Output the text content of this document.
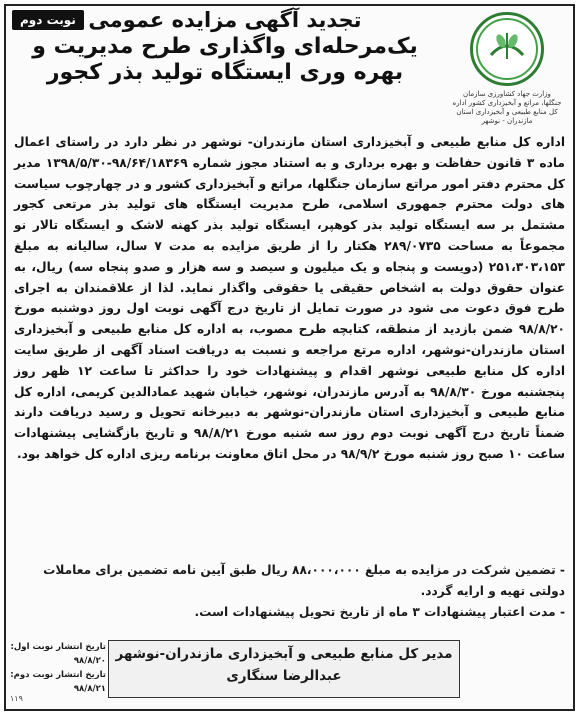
نوبت دوم تجدید آگهی مزایده عمومی
یک‌مرحله‌ای واگذاری طرح مدیریت و
بهره وری ایستگاه تولید بذر کجور
وزارت جهاد کشاورزی سازمان جنگلها، مراتع و آبخیزداری کشور اداره کل منابع طبیعی و آبخیزداری استان مازندران - نوشهر
اداره کل منابع طبیعی و آبخیزداری استان مازندران- نوشهر در نظر دارد در راستای اعمال ماده ۳ قانون حفاظت و بهره برداری و به استناد مجوز شماره ۹۸/۶۴/۱۸۳۶۹-۱۳۹۸/۵/۳۰ مدیر کل محترم دفتر امور مراتع سازمان جنگلها، مراتع و آبخیزداری کشور و در چهارچوب سیاست های دولت محترم جمهوری اسلامی، طرح مدیریت ایستگاه های تولید بذر مرتعی کجور مشتمل بر سه ایستگاه تولید بذر کوهپر، ایستگاه تولید بذر کهنه لاشک و ایستگاه تالار نو مجموعاً به مساحت ۲۸۹/۰۷۳۵ هکتار را از طریق مزایده به مدت ۷ سال، سالیانه به مبلغ ۲۵۱،۳۰۳،۱۵۳ (دویست و پنجاه و یک میلیون و سیصد و سه هزار و صدو پنجاه سه) ریال، به عنوان حقوق دولت به اشخاص حقیقی یا حقوقی واگذار نماید. لذا از علاقمندان به اجرای طرح فوق دعوت می شود در صورت تمایل از تاریخ درج آگهی نوبت اول روز دوشنبه مورخ ۹۸/۸/۲۰ ضمن بازدید از منطقه، کتابچه طرح مصوب، به اداره کل منابع طبیعی و آبخیزداری استان مازندران-نوشهر، اداره مرتع مراجعه و نسبت به دریافت اسناد آگهی از طریق سایت اداره کل منابع طبیعی نوشهر اقدام و پیشنهادات خود را حداکثر تا ساعت ۱۲ ظهر روز پنجشنبه مورخ ۹۸/۸/۳۰ به آدرس مازندران، نوشهر، خیابان شهید عمادالدین کریمی، اداره کل منابع طبیعی و آبخیزداری استان مازندران-نوشهر به دبیرخانه تحویل و رسید دریافت دارند ضمناً تاریخ درج آگهی نوبت دوم روز سه شنبه مورخ ۹۸/۸/۲۱ و تاریخ بازگشایی پیشنهادات ساعت ۱۰ صبح روز شنبه مورخ ۹۸/۹/۲ در محل اتاق معاونت برنامه ریزی اداره کل خواهد بود.
- تضمین شرکت در مزایده به مبلغ ۸۸،۰۰۰،۰۰۰ ریال طبق آیین نامه تضمین برای معاملات دولتی تهیه و ارایه گردد.
- مدت اعتبار پیشنهادات ۳ ماه از تاریخ تحویل پیشنهادات است.
تاریخ انتشار نوبت اول: ۹۸/۸/۲۰
تاریخ انتشار نوبت دوم: ۹۸/۸/۲۱
مدیر کل منابع طبیعی و آبخیزداری مازندران-نوشهر
عبدالرضا سنگاری
۱۱۹
